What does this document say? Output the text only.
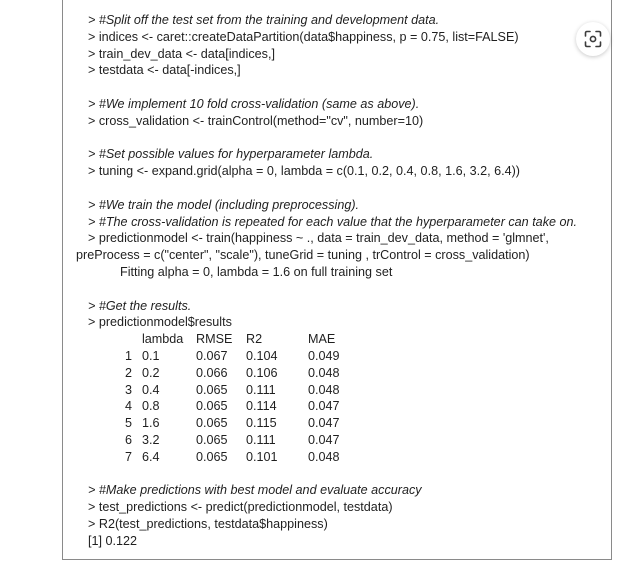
> #Split off the test set from the training and development data.
> indices <- caret::createDataPartition(data$happiness, p = 0.75, list=FALSE)
> train_dev_data <- data[indices,]
> testdata <- data[-indices,]
> #We implement 10 fold cross-validation (same as above).
> cross_validation <- trainControl(method="cv", number=10)
> #Set possible values for hyperparameter lambda.
> tuning <- expand.grid(alpha = 0, lambda = c(0.1, 0.2, 0.4, 0.8, 1.6, 3.2, 6.4))
> #We train the model (including preprocessing).
> #The cross-validation is repeated for each value that the hyperparameter can take on.
> predictionmodel <- train(happiness ~ ., data = train_dev_data, method = 'glmnet',
preProcess = c("center", "scale"), tuneGrid = tuning , trControl = cross_validation)
Fitting alpha = 0, lambda = 1.6 on full training set
> #Get the results.
> predictionmodel$results
	lambda	RMSE	R2	MAE
1	0.1	0.067	0.104	0.049
2	0.2	0.066	0.106	0.048
3	0.4	0.065	0.111	0.048
4	0.8	0.065	0.114	0.047
5	1.6	0.065	0.115	0.047
6	3.2	0.065	0.111	0.047
7	6.4	0.065	0.101	0.048
> #Make predictions with best model and evaluate accuracy
> test_predictions <- predict(predictionmodel, testdata)
> R2(test_predictions, testdata$happiness)
[1] 0.122
